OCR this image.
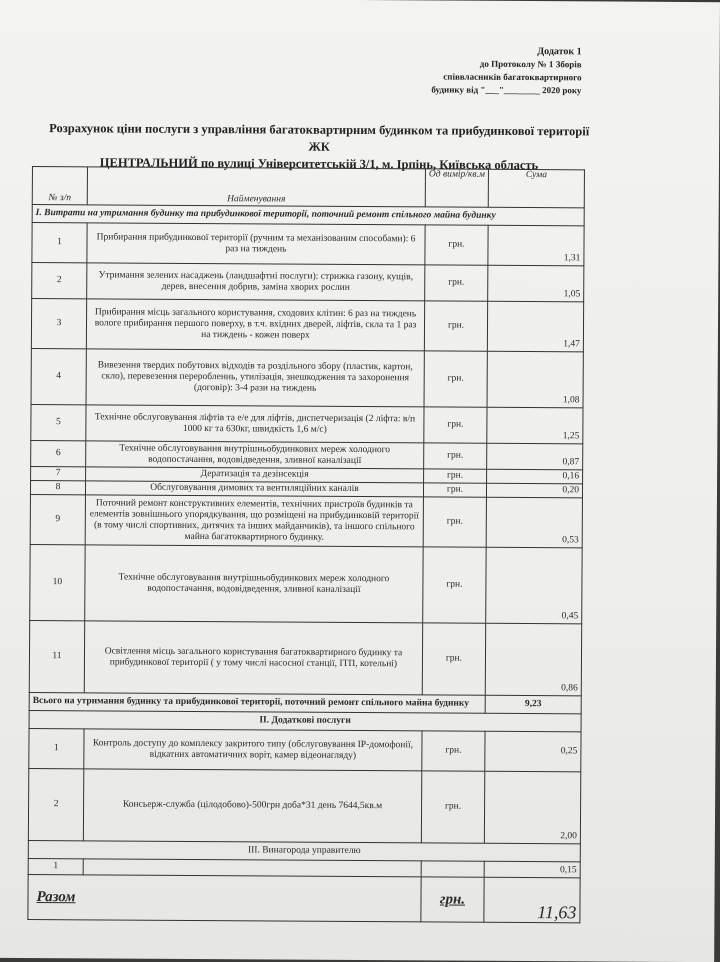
Додаток 1
до Протоколу № 1 Зборів
співвласників багатоквартирного
будинку від "___"________ 2020 року
Розрахунок ціни послуги з управління багатоквартирним будинком та прибудинкової території ЖК
ЦЕНТРАЛЬНИЙ по вулиці Університетській 3/1, м. Ірпінь, Київська область
№ з/п	Найменування	Од вимір/кв.м	Сума
I. Витрати на утримання будинку та прибудинкової території, поточний ремонт спільного майна будинку			
1	Прибирання прибудинкової території (ручним та механізованим способами): 6 раз на тиждень	грн.	1,31
2	Утримання зелених насаджень (ландшафтні послуги): стрижка газону, кущів, дерев, внесення добрив, заміна хворих рослин	грн.	1,05
3	Прибирання місць загального користування, сходових клітин: 6 раз на тиждень вологе прибирання першого поверху, в т.ч. вхідних дверей, ліфтів, скла та 1 раз на тиждень - кожен поверх	грн.	1,47
4	Вивезення твердих побутових відходів та роздільного збору (пластик, картон, скло), перевезення переробленнь, утилізація, знешкодження та захоронення (договір): 3-4 рази на тиждень	грн.	1,08
5	Технічне обслуговування ліфтів та е/е для ліфтів, диспетчеризація (2 ліфта: в/п 1000 кг та 630кг, швидкість 1,6 м/с)	грн.	1,25
6	Технічне обслуговування внутрішньобудинкових мереж холодного водопостачання, водовідведення, зливної каналізації	грн.	0,87
7	Дератизація та дезінсекція	грн.	0,16
8	Обслуговування димових та вентиляційних каналів	грн.	0,20
9	Поточний ремонт конструктивних елементів, технічних пристроїв будинків та елементів зовнішнього упорядкування, що розміщені на прибудинковій території (в тому числі спортивних, дитячих та інших майданчиків), та іншого спільного майна багатоквартирного будинку.	грн.	0,53
10	Технічне обслуговування внутрішньобудинкових мереж холодного водопостачання, водовідведення, зливної каналізації	грн.	0,45
11	Освітлення місць загального користування багатоквартирного будинку та прибудинкової території ( у тому числі насосної станції, ІТП, котельні)	грн.	0,86
Всього на утримання будинку та прибудинкової території, поточний ремонт спільного майна будинку			9,23
II. Додаткові послуги			
1	Контроль доступу до комплексу закритого типу (обслуговування IP-домофонії, відкатних автоматичних воріт, камер відеонагляду)	грн.	0,25
2	Консьерж-служба (цілодобово)-500грн доба*31 день 7644,5кв.м	грн.	2,00
III. Винагорода управителю			
1			0,15
Разом		грн.	11,63
